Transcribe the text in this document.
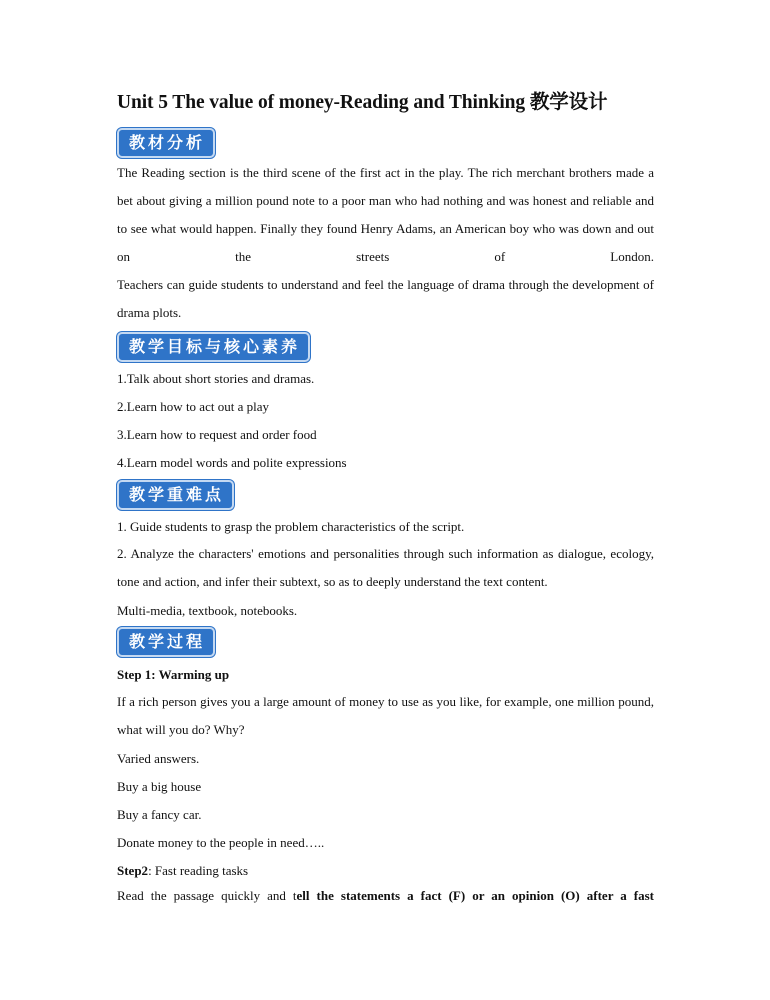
Unit 5 The value of money-Reading and Thinking 教学设计
教材分析
The Reading section is the third scene of the first act in the play. The rich merchant brothers made a bet about giving a million pound note to a poor man who had nothing and was honest and reliable and to see what would happen. Finally they found Henry Adams, an American boy who was down and out on the streets of London.
Teachers can guide students to understand and feel the language of drama through the development of drama plots.
教学目标与核心素养
1.Talk about short stories and dramas.
2.Learn how to act out a play
3.Learn how to request and order food
4.Learn model words and polite expressions
教学重难点
1. Guide students to grasp the problem characteristics of the script.
2. Analyze the characters' emotions and personalities through such information as dialogue, ecology, tone and action, and infer their subtext, so as to deeply understand the text content.
Multi-media, textbook, notebooks.
教学过程
Step 1: Warming up
If a rich person gives you a large amount of money to use as you like, for example, one million pound, what will you do? Why?
Varied answers.
Buy a big house
Buy a fancy car.
Donate money to the people in need…..
Step2: Fast reading tasks
Read the passage quickly and tell the statements a fact (F) or an opinion (O) after a fast
